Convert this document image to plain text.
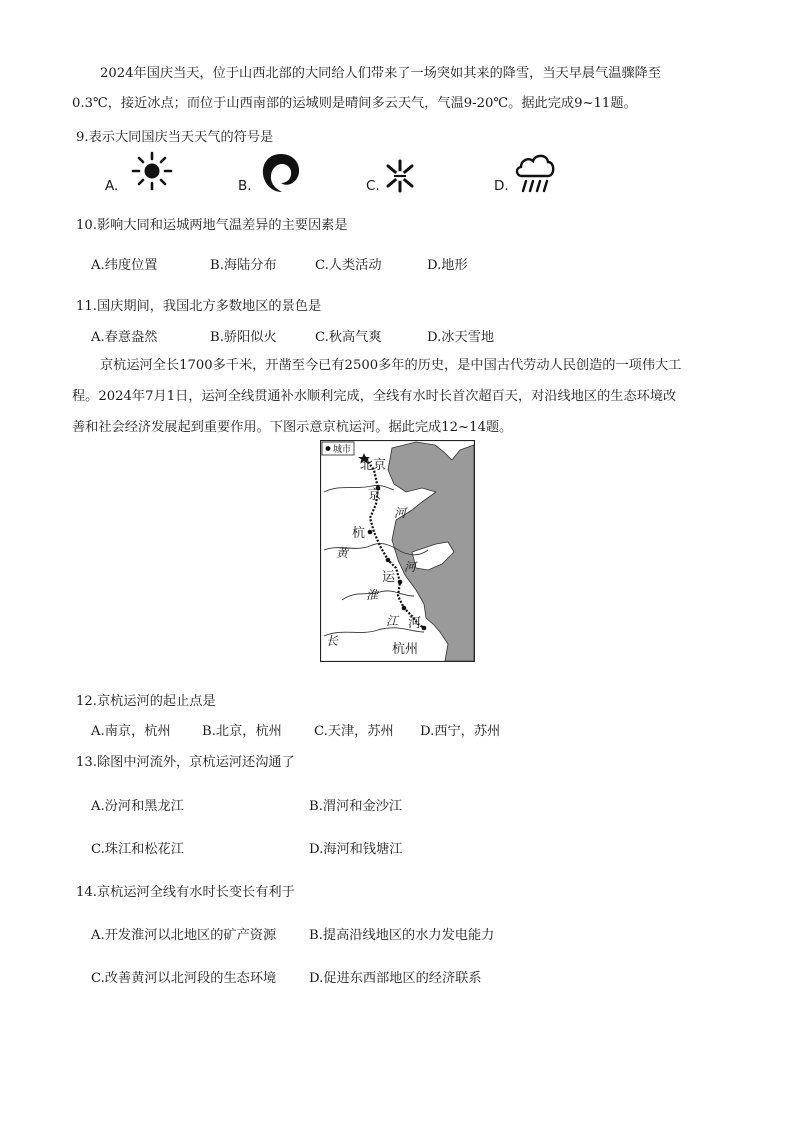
2024年国庆当天，位于山西北部的大同给人们带来了一场突如其来的降雪，当天早晨气温骤降至
0.3℃，接近冰点；而位于山西南部的运城则是晴间多云天气，气温9-20℃。据此完成9~11题。
9.表示大同国庆当天天气的符号是
A.	B.	C.	D.
10.影响大同和运城两地气温差异的主要因素是
A.纬度位置	B.海陆分布	C.人类活动	D.地形
11.国庆期间，我国北方多数地区的景色是
A.春意盎然	B.骄阳似火	C.秋高气爽	D.冰天雪地
京杭运河全长1700多千米，开凿至今已有2500多年的历史，是中国古代劳动人民创造的一项伟大工
程。2024年7月1日，运河全线贯通补水顺利完成，全线有水时长首次超百天，对沿线地区的生态环境改
善和社会经济发展起到重要作用。下图示意京杭运河。据此完成12~14题。
城市
北京
京
河
杭
黄
河
运
淮
江 河
长
杭州
12.京杭运河的起止点是
A.南京，杭州 B.北京，杭州 C.天津，苏州 D.西宁，苏州
13.除图中河流外，京杭运河还沟通了
A.汾河和黑龙江	B.渭河和金沙江
C.珠江和松花江	D.海河和钱塘江
14.京杭运河全线有水时长变长有利于
A.开发淮河以北地区的矿产资源 B.提高沿线地区的水力发电能力
C.改善黄河以北河段的生态环境 D.促进东西部地区的经济联系
